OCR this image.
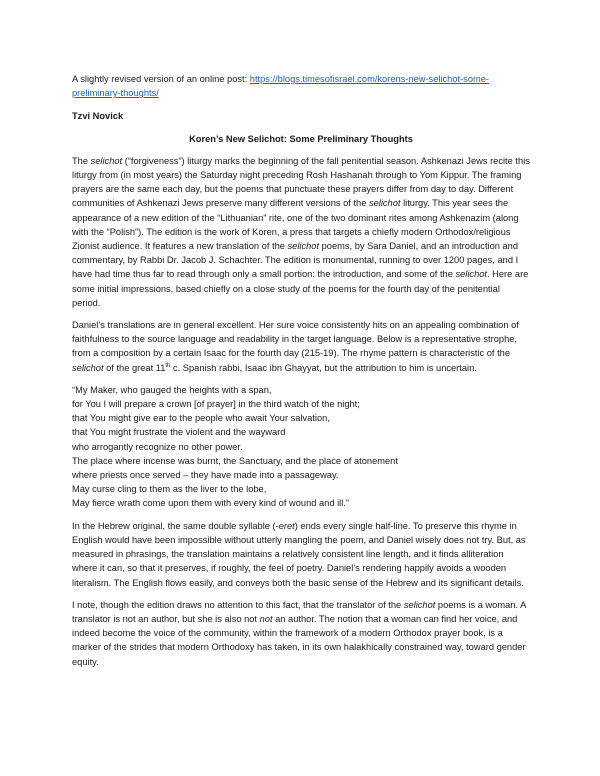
A slightly revised version of an online post: https://blogs.timesofisrael.com/korens-new-selichot-some-preliminary-thoughts/

Tzvi Novick

Koren’s New Selichot: Some Preliminary Thoughts

The selichot (“forgiveness”) liturgy marks the beginning of the fall penitential season. Ashkenazi Jews recite this liturgy from (in most years) the Saturday night preceding Rosh Hashanah through to Yom Kippur. The framing prayers are the same each day, but the poems that punctuate these prayers differ from day to day. Different communities of Ashkenazi Jews preserve many different versions of the selichot liturgy. This year sees the appearance of a new edition of the “Lithuanian” rite, one of the two dominant rites among Ashkenazim (along with the “Polish”). The edition is the work of Koren, a press that targets a chiefly modern Orthodox/religious Zionist audience. It features a new translation of the selichot poems, by Sara Daniel, and an introduction and commentary, by Rabbi Dr. Jacob J. Schachter. The edition is monumental, running to over 1200 pages, and I have had time thus far to read through only a small portion: the introduction, and some of the selichot. Here are some initial impressions, based chiefly on a close study of the poems for the fourth day of the penitential period.

Daniel’s translations are in general excellent. Her sure voice consistently hits on an appealing combination of faithfulness to the source language and readability in the target language. Below is a representative strophe, from a composition by a certain Isaac for the fourth day (215-19). The rhyme pattern is characteristic of the selichot of the great 11th c. Spanish rabbi, Isaac ibn Ghayyat, but the attribution to him is uncertain.

“My Maker, who gauged the heights with a span,
for You I will prepare a crown [of prayer] in the third watch of the night;
that You might give ear to the people who await Your salvation,
that You might frustrate the violent and the wayward
who arrogantly recognize no other power.
The place where incense was burnt, the Sanctuary, and the place of atonement
where priests once served – they have made into a passageway.
May curse cling to them as the liver to the lobe,
May fierce wrath come upon them with every kind of wound and ill.”

In the Hebrew original, the same double syllable (-eret) ends every single half-line. To preserve this rhyme in English would have been impossible without utterly mangling the poem, and Daniel wisely does not try. But, as measured in phrasings, the translation maintains a relatively consistent line length, and it finds alliteration where it can, so that it preserves, if roughly, the feel of poetry. Daniel’s rendering happily avoids a wooden literalism. The English flows easily, and conveys both the basic sense of the Hebrew and its significant details.

I note, though the edition draws no attention to this fact, that the translator of the selichot poems is a woman. A translator is not an author, but she is also not not an author. The notion that a woman can find her voice, and indeed become the voice of the community, within the framework of a modern Orthodox prayer book, is a marker of the strides that modern Orthodoxy has taken, in its own halakhically constrained way, toward gender equity.
